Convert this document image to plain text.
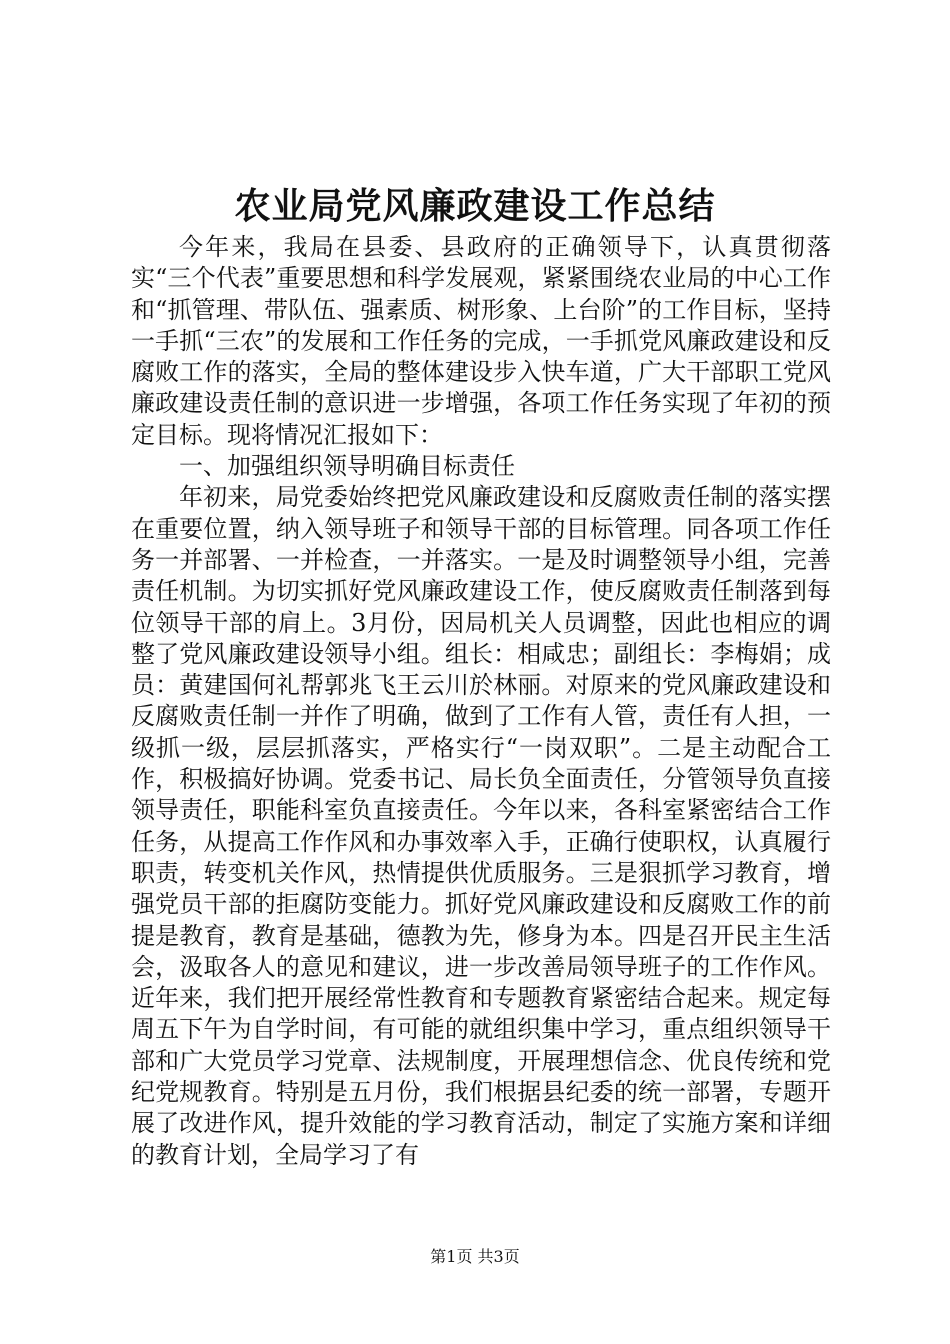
农业局党风廉政建设工作总结

今年来，我局在县委、县政府的正确领导下，认真贯彻落实“三个代表”重要思想和科学发展观，紧紧围绕农业局的中心工作和“抓管理、带队伍、强素质、树形象、上台阶”的工作目标，坚持一手抓“三农”的发展和工作任务的完成，一手抓党风廉政建设和反腐败工作的落实，全局的整体建设步入快车道，广大干部职工党风廉政建设责任制的意识进一步增强，各项工作任务实现了年初的预定目标。现将情况汇报如下：

一、加强组织领导明确目标责任

年初来，局党委始终把党风廉政建设和反腐败责任制的落实摆在重要位置，纳入领导班子和领导干部的目标管理。同各项工作任务一并部署、一并检查，一并落实。一是及时调整领导小组，完善责任机制。为切实抓好党风廉政建设工作，使反腐败责任制落到每位领导干部的肩上。3月份，因局机关人员调整，因此也相应的调整了党风廉政建设领导小组。组长：相咸忠；副组长：李梅娟；成员：黄建国何礼帮郭兆飞王云川於林丽。对原来的党风廉政建设和反腐败责任制一并作了明确，做到了工作有人管，责任有人担，一级抓一级，层层抓落实，严格实行“一岗双职”。二是主动配合工作，积极搞好协调。党委书记、局长负全面责任，分管领导负直接领导责任，职能科室负直接责任。今年以来，各科室紧密结合工作任务，从提高工作作风和办事效率入手，正确行使职权，认真履行职责，转变机关作风，热情提供优质服务。三是狠抓学习教育，增强党员干部的拒腐防变能力。抓好党风廉政建设和反腐败工作的前提是教育，教育是基础，德教为先，修身为本。四是召开民主生活会，汲取各人的意见和建议，进一步改善局领导班子的工作作风。近年来，我们把开展经常性教育和专题教育紧密结合起来。规定每周五下午为自学时间，有可能的就组织集中学习，重点组织领导干部和广大党员学习党章、法规制度，开展理想信念、优良传统和党纪党规教育。特别是五月份，我们根据县纪委的统一部署，专题开展了改进作风，提升效能的学习教育活动，制定了实施方案和详细的教育计划，全局学习了有

第1页 共3页
